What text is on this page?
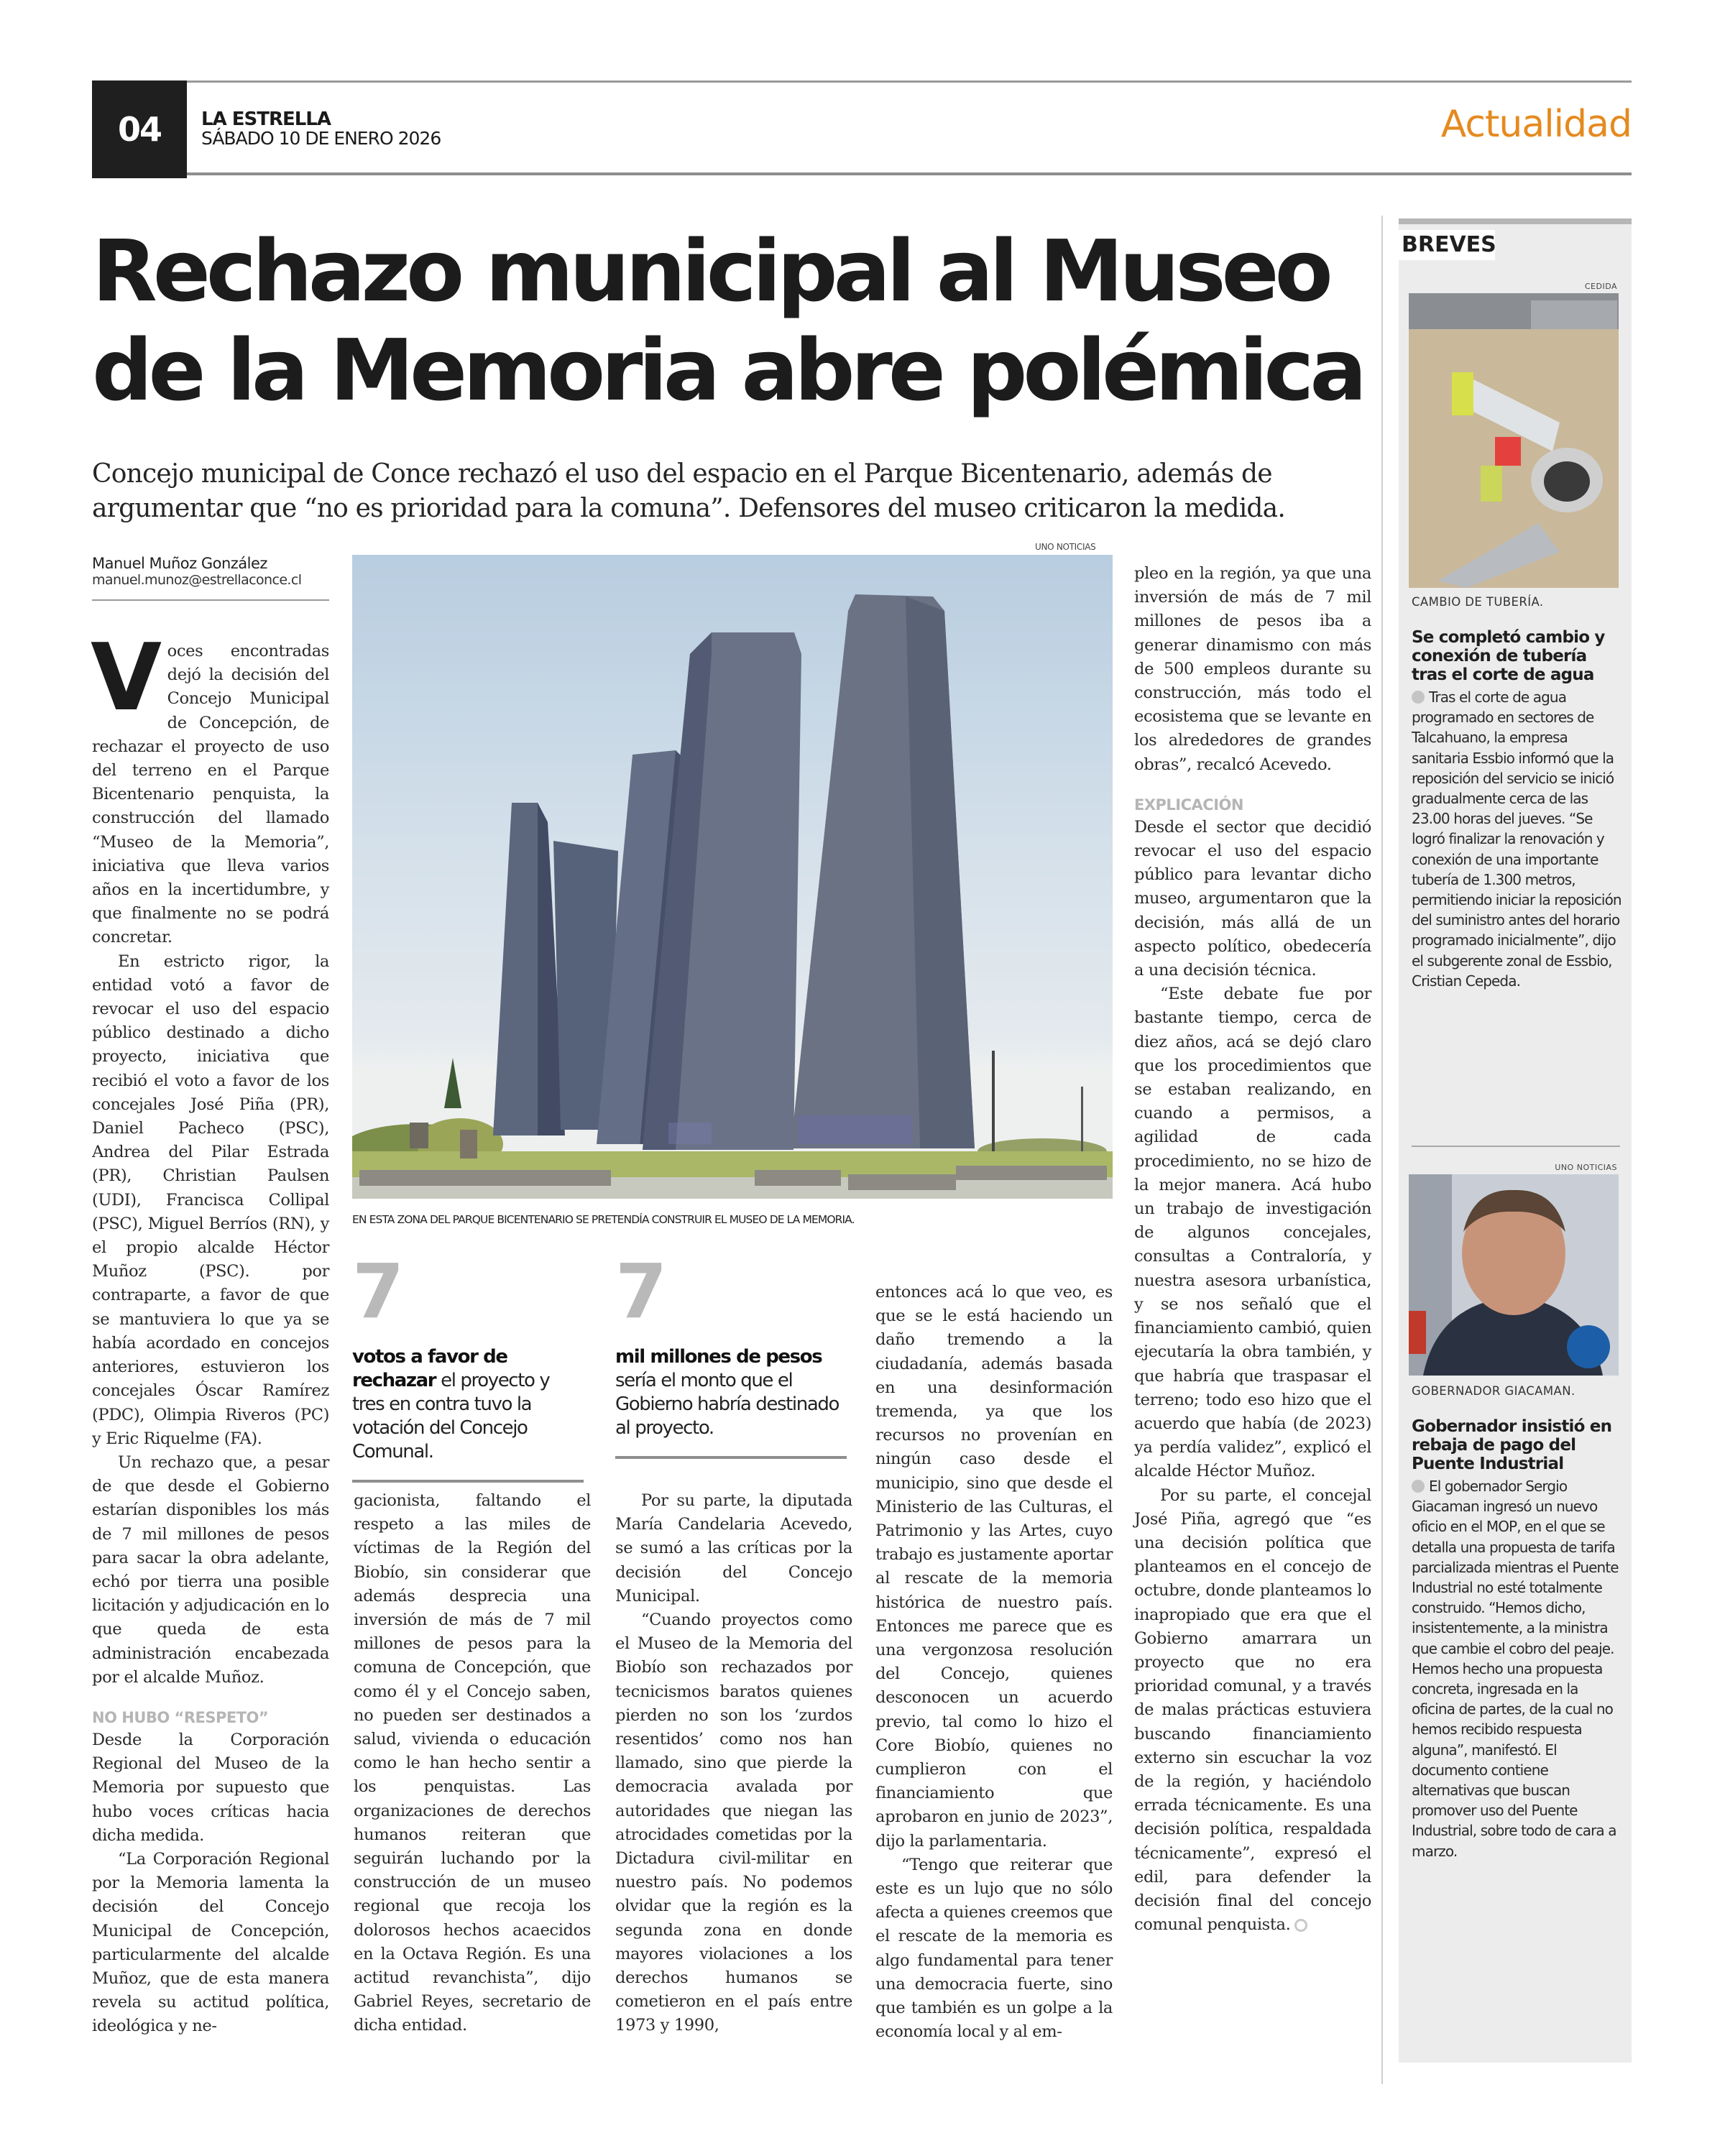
04	LA ESTRELLA
SÁBADO 10 DE ENERO 2026	Actualidad
Rechazo municipal al Museo de la Memoria abre polémica
Concejo municipal de Conce rechazó el uso del espacio en el Parque Bicentenario, además de argumentar que “no es prioridad para la comuna”. Defensores del museo criticaron la medida.
Manuel Muñoz González
manuel.munoz@estrellaconce.cl

Voces encontradas dejó la decisión del Concejo Municipal de Concepción, de rechazar el proyecto de uso del terreno en el Parque Bicentenario penquista, la construcción del llamado “Museo de la Memoria”, iniciativa que lleva varios años en la incertidumbre, y que finalmente no se podrá concretar.

En estricto rigor, la entidad votó a favor de revocar el uso del espacio público destinado a dicho proyecto, iniciativa que recibió el voto a favor de los concejales José Piña (PR), Daniel Pacheco (PSC), Andrea del Pilar Estrada (PR), Christian Paulsen (UDI), Francisca Collipal (PSC), Miguel Berríos (RN), y el propio alcalde Héctor Muñoz (PSC). por contraparte, a favor de que se mantuviera lo que ya se había acordado en concejos anteriores, estuvieron los concejales Óscar Ramírez (PDC), Olimpia Riveros (PC) y Eric Riquelme (FA).

Un rechazo que, a pesar de que desde el Gobierno estarían disponibles los más de 7 mil millones de pesos para sacar la obra adelante, echó por tierra una posible licitación y adjudicación en lo que queda de esta administración encabezada por el alcalde Muñoz.

NO HUBO “RESPETO”

Desde la Corporación Regional del Museo de la Memoria por supuesto que hubo voces críticas hacia dicha medida.

“La Corporación Regional por la Memoria lamenta la decisión del Concejo Municipal de Concepción, particularmente del alcalde Muñoz, que de esta manera revela su actitud política, ideológica y ne-

UNO NOTICIAS
EN ESTA ZONA DEL PARQUE BICENTENARIO SE PRETENDÍA CONSTRUIR EL MUSEO DE LA MEMORIA.
7
votos a favor de rechazar el proyecto y tres en contra tuvo la votación del Concejo Comunal.
7
mil millones de pesos sería el monto que el Gobierno habría destinado al proyecto.

gacionista, faltando el respeto a las miles de víctimas de la Región del Biobío, sin considerar que además desprecia una inversión de más de 7 mil millones de pesos para la comuna de Concepción, que como él y el Concejo saben, no pueden ser destinados a salud, vivienda o educación como le han hecho sentir a los penquistas. Las organizaciones de derechos humanos reiteran que seguirán luchando por la construcción de un museo regional que recoja los dolorosos hechos acaecidos en la Octava Región. Es una actitud revanchista”, dijo Gabriel Reyes, secretario de dicha entidad.

Por su parte, la diputada María Candelaria Acevedo, se sumó a las críticas por la decisión del Concejo Municipal.

“Cuando proyectos como el Museo de la Memoria del Biobío son rechazados por tecnicismos baratos quienes pierden no son los ‘zurdos resentidos’ como nos han llamado, sino que pierde la democracia avalada por autoridades que niegan las atrocidades cometidas por la Dictadura civil-militar en nuestro país. No podemos olvidar que la región es la segunda zona en donde mayores violaciones a los derechos humanos se cometieron en el país entre 1973 y 1990,

entonces acá lo que veo, es que se le está haciendo un daño tremendo a la ciudadanía, además basada en una desinformación tremenda, ya que los recursos no provenían en ningún caso desde el municipio, sino que desde el Ministerio de las Culturas, el Patrimonio y las Artes, cuyo trabajo es justamente aportar al rescate de la memoria histórica de nuestro país. Entonces me parece que es una vergonzosa resolución del Concejo, quienes desconocen un acuerdo previo, tal como lo hizo el Core Biobío, quienes no cumplieron con el financiamiento que aprobaron en junio de 2023”, dijo la parlamentaria.

“Tengo que reiterar que este es un lujo que no sólo afecta a quienes creemos que el rescate de la memoria es algo fundamental para tener una democracia fuerte, sino que también es un golpe a la economía local y al em-

pleo en la región, ya que una inversión de más de 7 mil millones de pesos iba a generar dinamismo con más de 500 empleos durante su construcción, más todo el ecosistema que se levante en los alrededores de grandes obras”, recalcó Acevedo.

EXPLICACIÓN

Desde el sector que decidió revocar el uso del espacio público para levantar dicho museo, argumentaron que la decisión, más allá de un aspecto político, obedecería a una decisión técnica.

“Este debate fue por bastante tiempo, cerca de diez años, acá se dejó claro que los procedimientos que se estaban realizando, en cuando a permisos, a agilidad de cada procedimiento, no se hizo de la mejor manera. Acá hubo un trabajo de investigación de algunos concejales, consultas a Contraloría, y nuestra asesora urbanística, y se nos señaló que el financiamiento cambió, quien ejecutaría la obra también, y que habría que traspasar el terreno; todo eso hizo que el acuerdo que había (de 2023) ya perdía validez”, explicó el alcalde Héctor Muñoz.

Por su parte, el concejal José Piña, agregó que “es una decisión política que planteamos en el concejo de octubre, donde planteamos lo inapropiado que era que el Gobierno amarrara un proyecto que no era prioridad comunal, y a través de malas prácticas estuviera buscando financiamiento externo sin escuchar la voz de la región, y haciéndolo errada técnicamente. Es una decisión política, respaldada técnicamente”, expresó el edil, para defender la decisión final del concejo comunal penquista.

BREVES
CEDIDA
CAMBIO DE TUBERÍA.
Se completó cambio y conexión de tubería tras el corte de agua
Tras el corte de agua programado en sectores de Talcahuano, la empresa sanitaria Essbio informó que la reposición del servicio se inició gradualmente cerca de las 23.00 horas del jueves. “Se logró finalizar la renovación y conexión de una importante tubería de 1.300 metros, permitiendo iniciar la reposición del suministro antes del horario programado inicialmente”, dijo el subgerente zonal de Essbio, Cristian Cepeda.
UNO NOTICIAS
GOBERNADOR GIACAMAN.
Gobernador insistió en rebaja de pago del Puente Industrial
El gobernador Sergio Giacaman ingresó un nuevo oficio en el MOP, en el que se detalla una propuesta de tarifa parcializada mientras el Puente Industrial no esté totalmente construido. “Hemos dicho, insistentemente, a la ministra que cambie el cobro del peaje. Hemos hecho una propuesta concreta, ingresada en la oficina de partes, de la cual no hemos recibido respuesta alguna”, manifestó. El documento contiene alternativas que buscan promover uso del Puente Industrial, sobre todo de cara a marzo.
